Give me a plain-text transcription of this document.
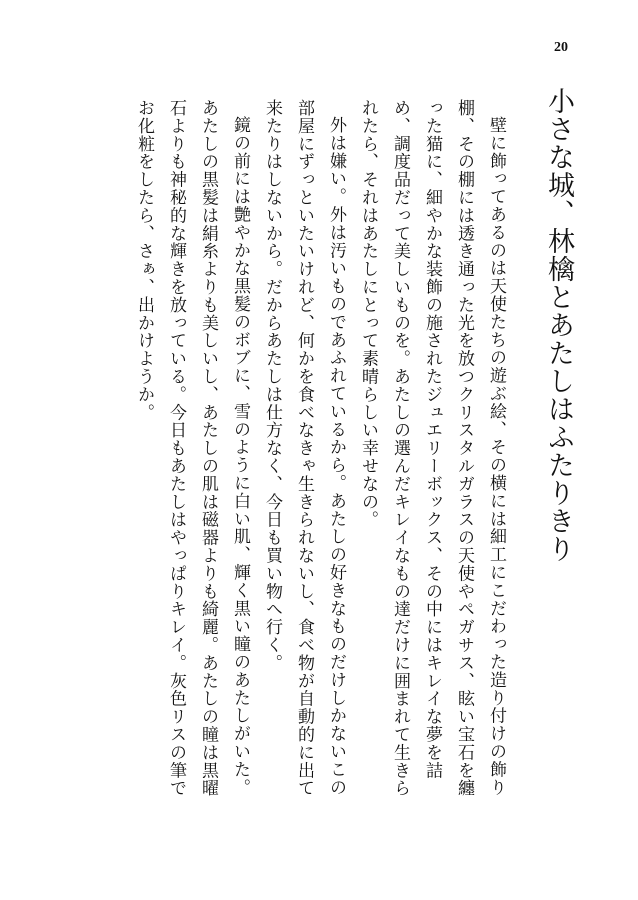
20
小さな城、林檎とあたしはふたりきり

壁に飾ってあるのは天使たちの遊ぶ絵、その横には細工にこだわった造り付けの飾り棚、その棚には透き通った光を放つクリスタルガラスの天使やペガサス、眩い宝石を纏った猫に、細やかな装飾の施されたジュエリーボックス、その中にはキレイな夢を詰め、調度品だって美しいものを。あたしの選んだキレイなもの達だけに囲まれて生きられたら、それはあたしにとって素晴らしい幸せなの。

外は嫌い。外は汚いものであふれているから。あたしの好きなものだけしかないこの部屋にずっといたいけれど、何かを食べなきゃ生きられないし、食べ物が自動的に出て来たりはしないから。だからあたしは仕方なく、今日も買い物へ行く。

鏡の前には艶やかな黒髪のボブに、雪のように白い肌、輝く黒い瞳のあたしがいた。あたしの黒髪は絹糸よりも美しいし、あたしの肌は磁器よりも綺麗。あたしの瞳は黒曜石よりも神秘的な輝きを放っている。今日もあたしはやっぱりキレイ。灰色リスの筆でお化粧をしたら、さぁ、出かけようか。
